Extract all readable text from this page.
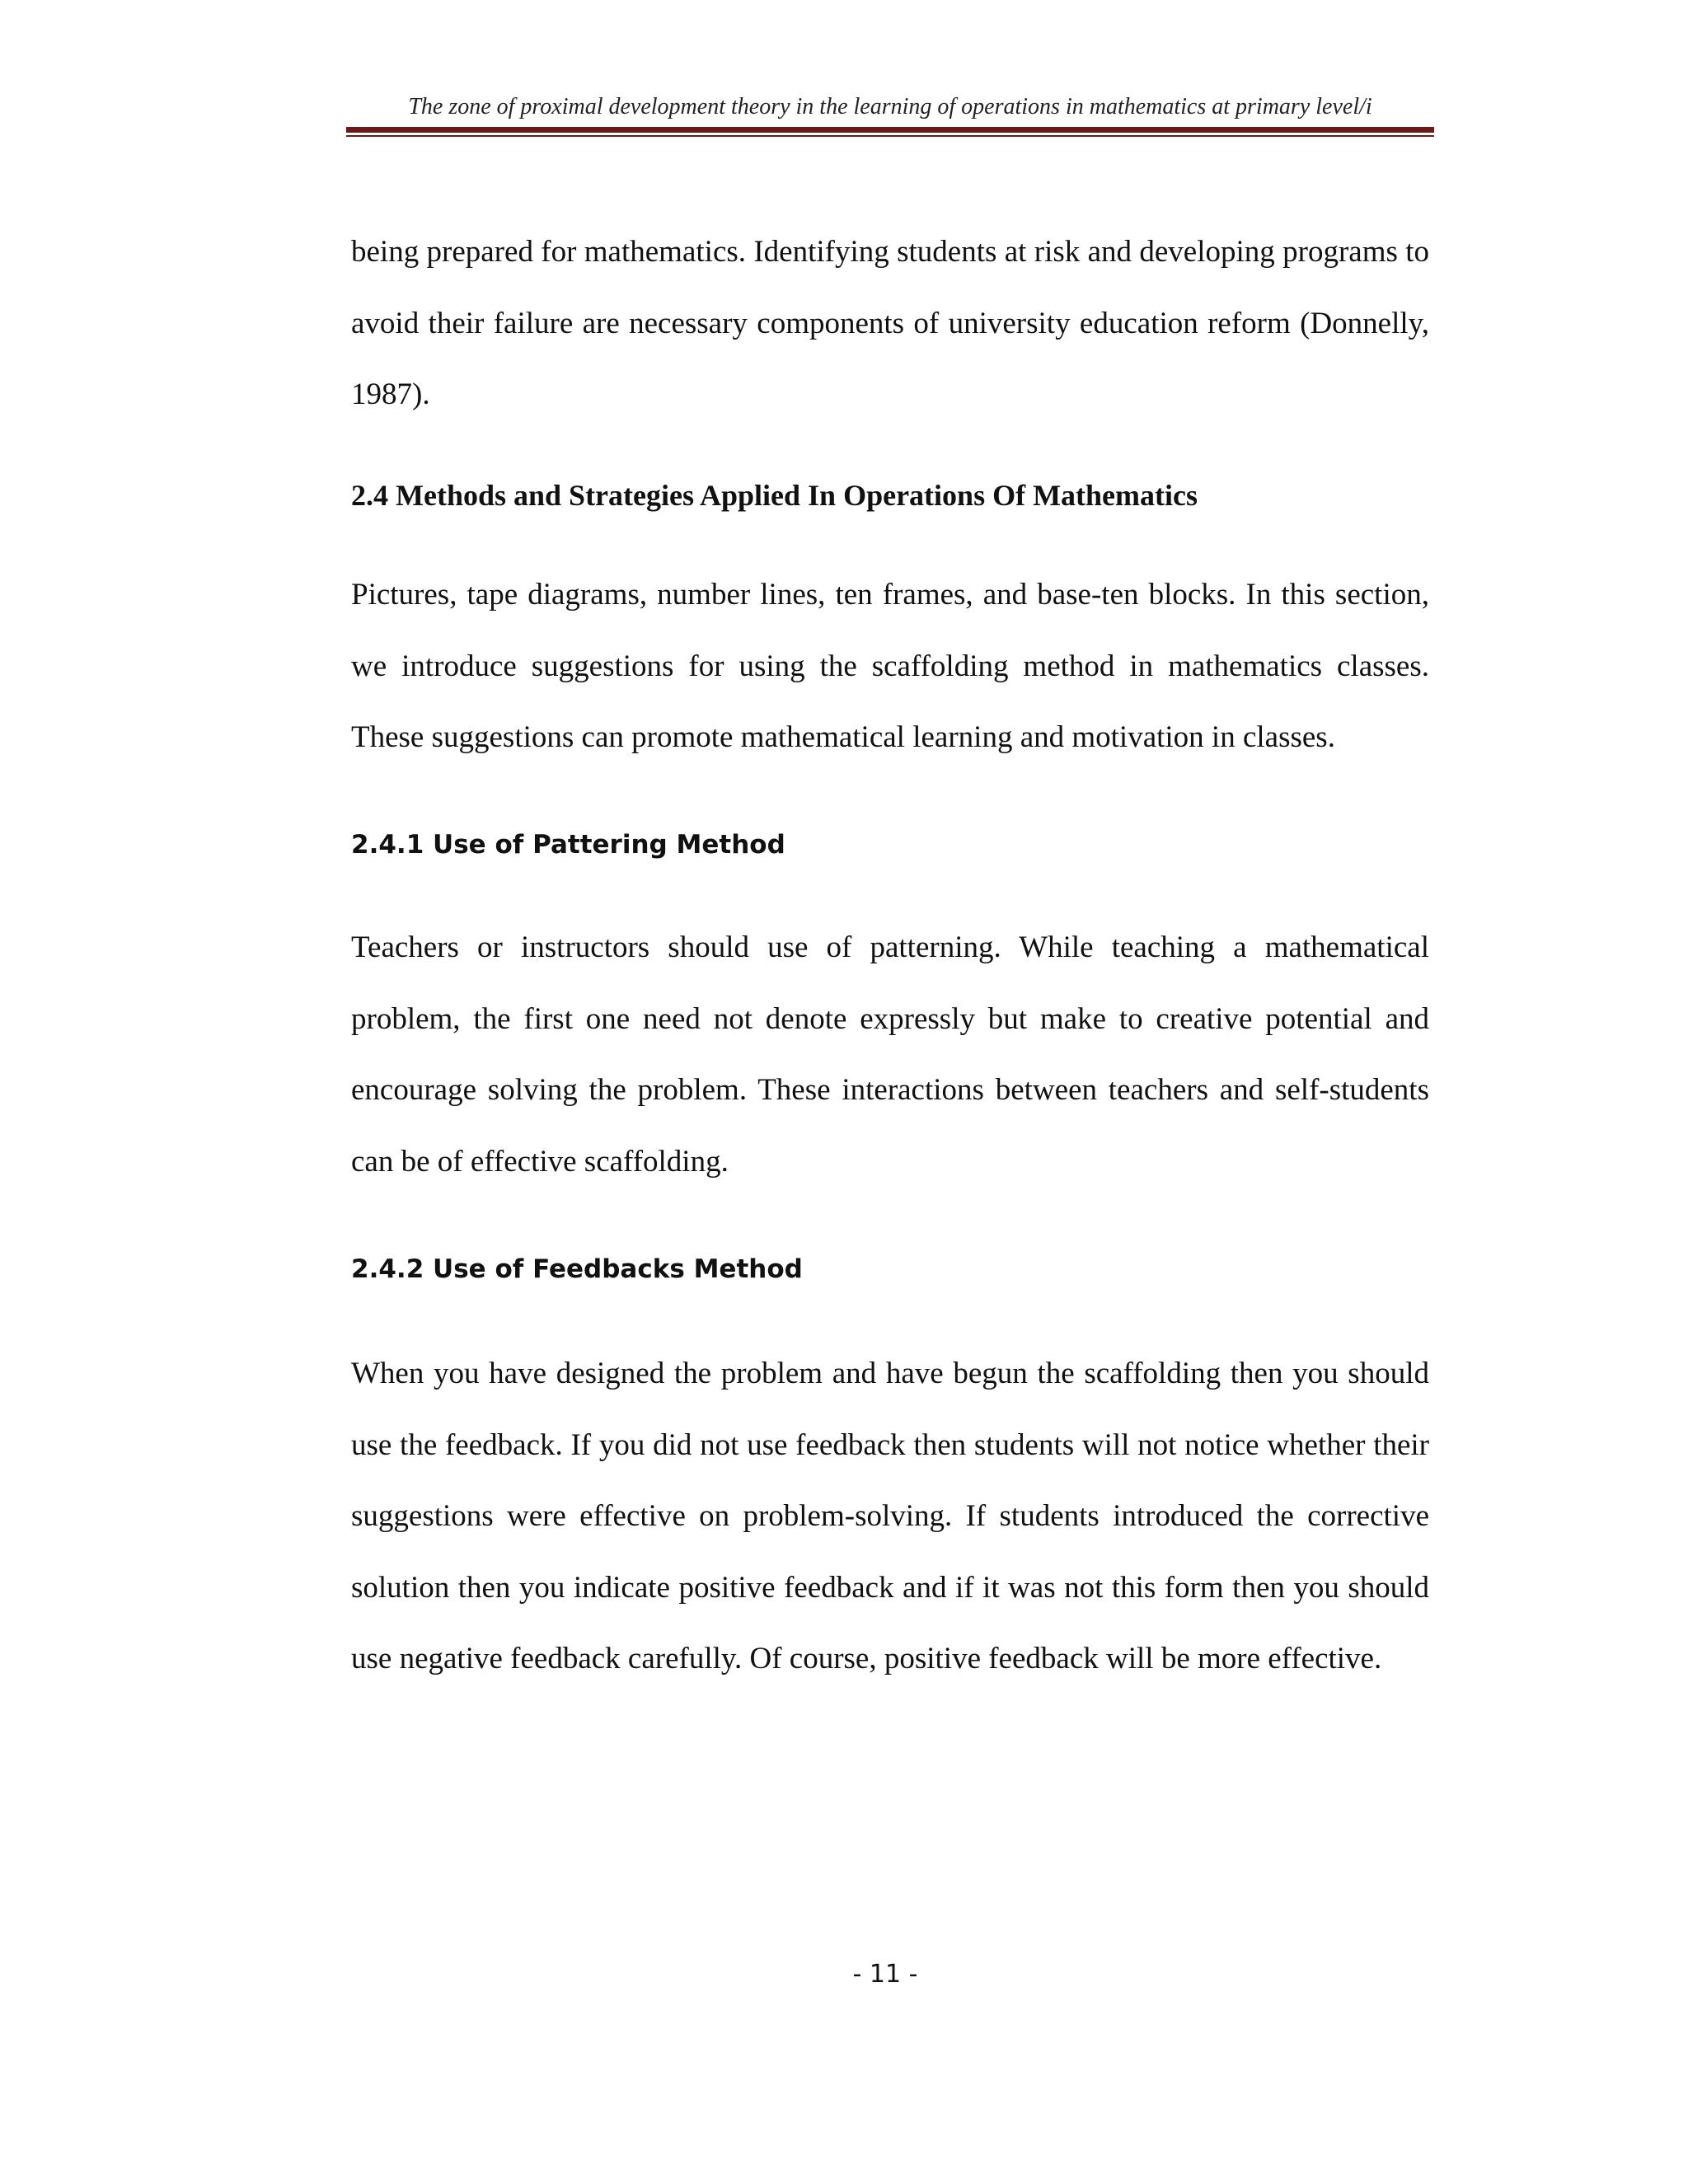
The zone of proximal development theory in the learning of operations in mathematics at primary level/i

being prepared for mathematics. Identifying students at risk and developing programs to avoid their failure are necessary components of university education reform (Donnelly, 1987).

2.4 Methods and Strategies Applied In Operations Of Mathematics

Pictures, tape diagrams, number lines, ten frames, and base-ten blocks. In this section, we introduce suggestions for using the scaffolding method in mathematics classes. These suggestions can promote mathematical learning and motivation in classes.

2.4.1 Use of Pattering Method

Teachers or instructors should use of patterning. While teaching a mathematical problem, the first one need not denote expressly but make to creative potential and encourage solving the problem. These interactions between teachers and self-students can be of effective scaffolding.

2.4.2 Use of Feedbacks Method

When you have designed the problem and have begun the scaffolding then you should use the feedback. If you did not use feedback then students will not notice whether their suggestions were effective on problem-solving. If students introduced the corrective solution then you indicate positive feedback and if it was not this form then you should use negative feedback carefully. Of course, positive feedback will be more effective.

- 11 -
